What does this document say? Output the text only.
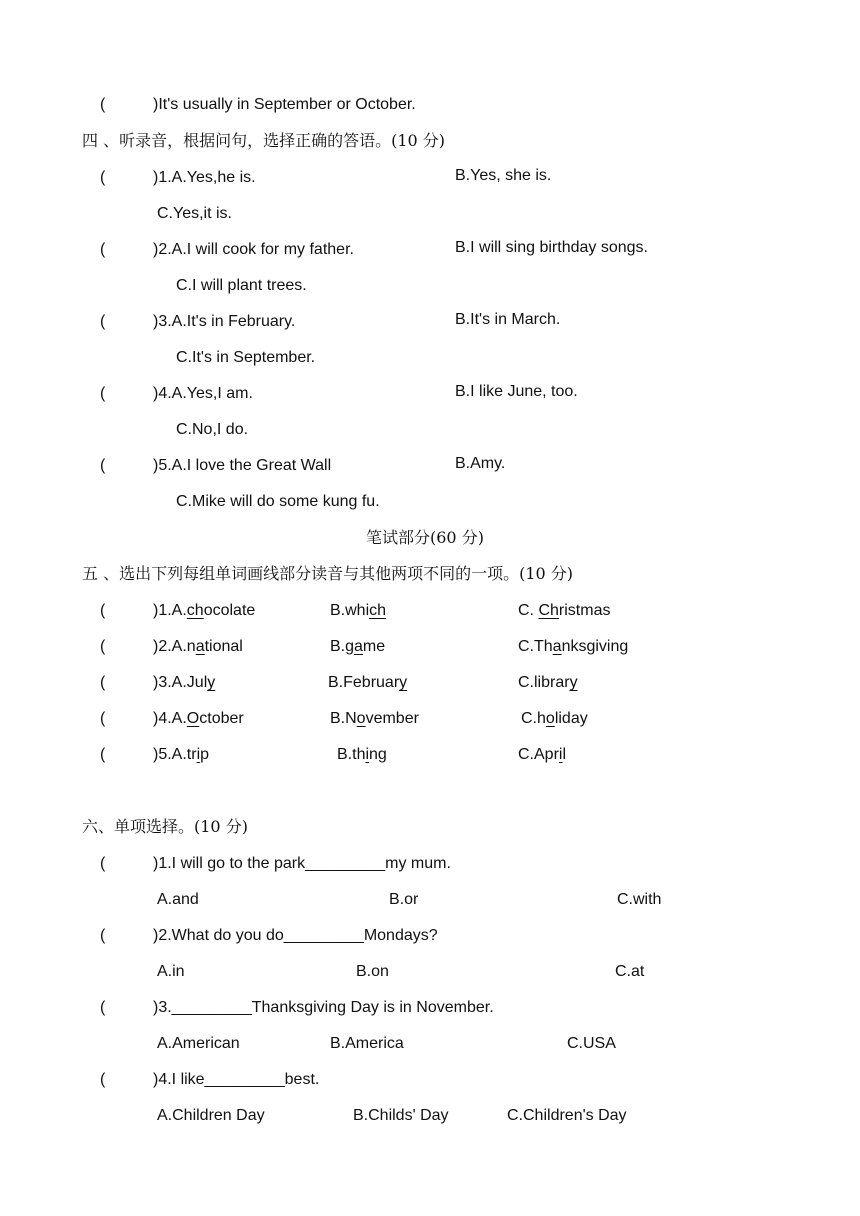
(	)It's usually in September or October.
四 、听录音，根据问句，选择正确的答语。(10 分)
(	)1.A.Yes,he is.	B.Yes, she is.
C.Yes,it is.
(	)2.A.I will cook for my father.	B.I will sing birthday songs.
C.I will plant trees.
(	)3.A.It's in February.	B.It's in March.
C.It's in September.
(	)4.A.Yes,I am.	B.I like June, too.
C.No,I do.
(	)5.A.I love the Great Wall	B.Amy.
C.Mike will do some kung fu.
笔试部分(60 分)
五 、选出下列每组单词画线部分读音与其他两项不同的一项。(10 分)
(	)1.A.chocolate	B.which	C. Christmas
(	)2.A.national	B.game	C.Thanksgiving
(	)3.A.July	B.February	C.library
(	)4.A.October	B.November	C.holiday
(	)5.A.trip	B.thing	C.April
六、单项选择。(10 分)
(	)1.I will go to the park_________my mum.
A.and	B.or	C.with
(	)2.What do you do_________Mondays?
A.in	B.on	C.at
(	)3._________Thanksgiving Day is in November.
A.American	B.America	C.USA
(	)4.I like_________best.
A.Children Day	B.Childs' Day	C.Children's Day
